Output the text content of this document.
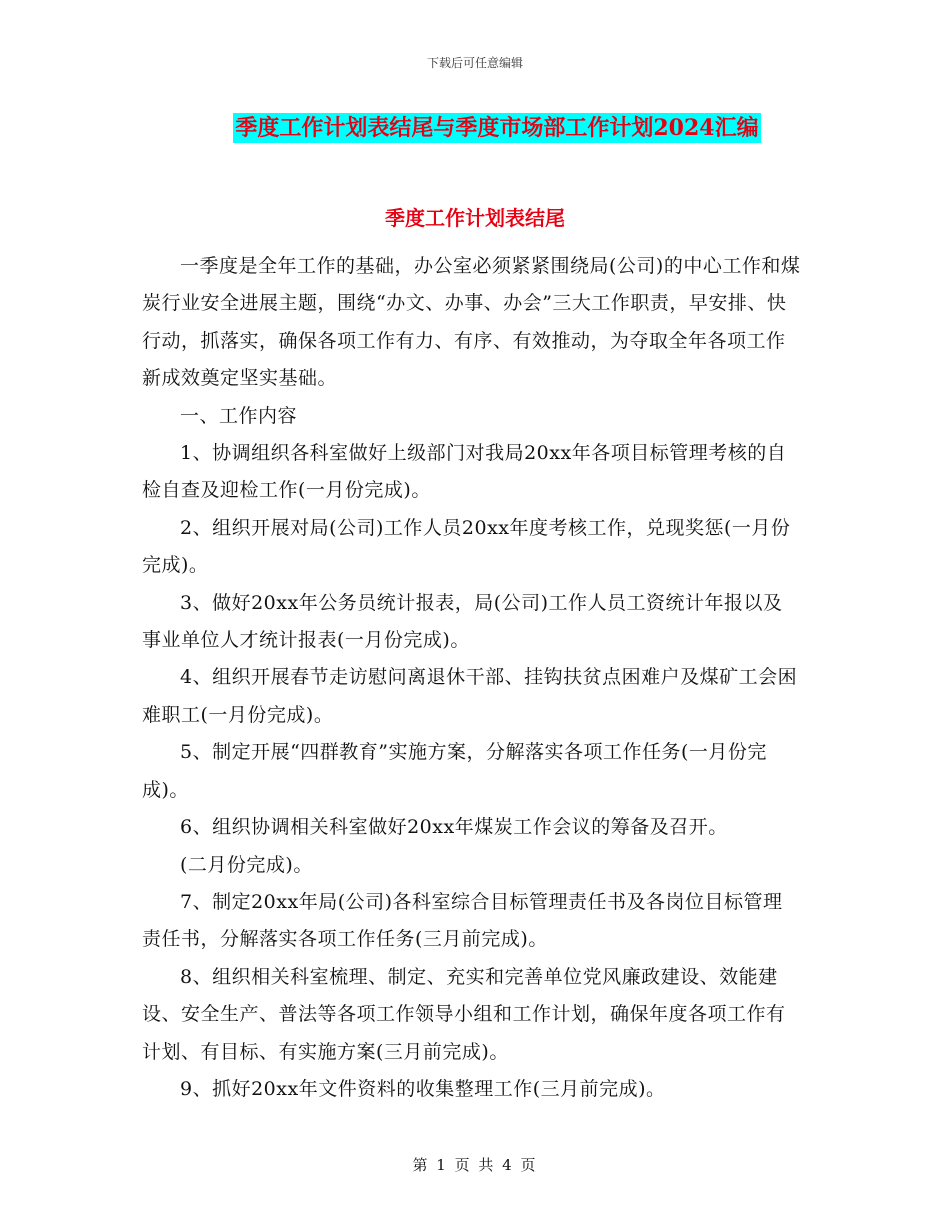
下载后可任意编辑
季度工作计划表结尾与季度市场部工作计划2024汇编
季度工作计划表结尾

一季度是全年工作的基础，办公室必须紧紧围绕局(公司)的中心工作和煤炭行业安全进展主题，围绕“办文、办事、办会”三大工作职责，早安排、快行动，抓落实，确保各项工作有力、有序、有效推动，为夺取全年各项工作新成效奠定坚实基础。

一、工作内容

1、协调组织各科室做好上级部门对我局20xx年各项目标管理考核的自检自查及迎检工作(一月份完成)。

2、组织开展对局(公司)工作人员20xx年度考核工作，兑现奖惩(一月份完成)。

3、做好20xx年公务员统计报表，局(公司)工作人员工资统计年报以及事业单位人才统计报表(一月份完成)。

4、组织开展春节走访慰问离退休干部、挂钩扶贫点困难户及煤矿工会困难职工(一月份完成)。

5、制定开展“四群教育”实施方案，分解落实各项工作任务(一月份完成)。

6、组织协调相关科室做好20xx年煤炭工作会议的筹备及召开。

(二月份完成)。

7、制定20xx年局(公司)各科室综合目标管理责任书及各岗位目标管理责任书，分解落实各项工作任务(三月前完成)。

8、组织相关科室梳理、制定、充实和完善单位党风廉政建设、效能建设、安全生产、普法等各项工作领导小组和工作计划，确保年度各项工作有计划、有目标、有实施方案(三月前完成)。

9、抓好20xx年文件资料的收集整理工作(三月前完成)。

第 1 页 共 4 页
